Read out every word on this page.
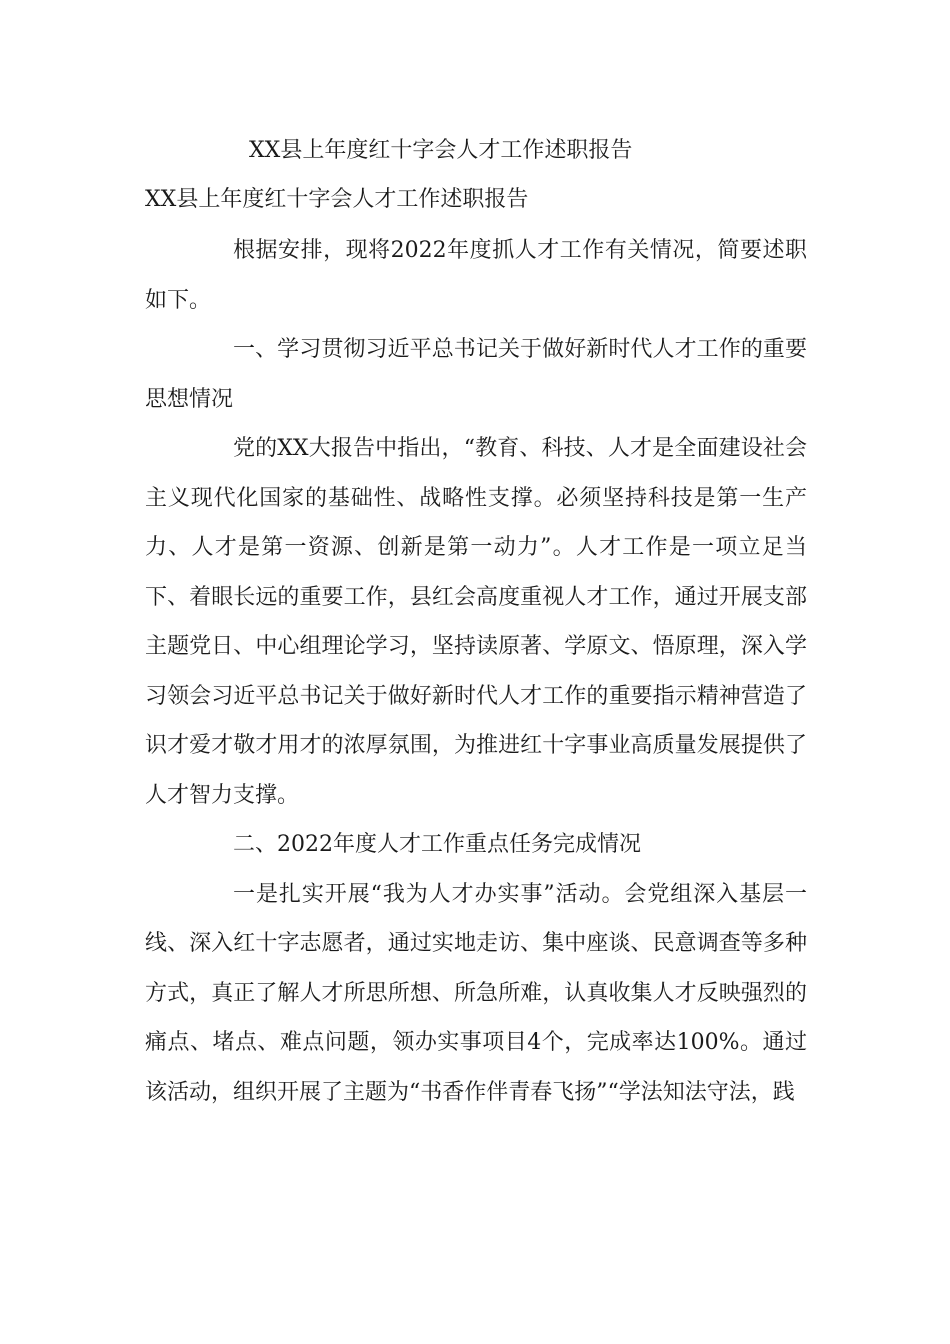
XX县上年度红十字会人才工作述职报告

XX县上年度红十字会人才工作述职报告

根据安排，现将2022年度抓人才工作有关情况，简要述职如下。

一、学习贯彻习近平总书记关于做好新时代人才工作的重要思想情况

党的XX大报告中指出，“教育、科技、人才是全面建设社会主义现代化国家的基础性、战略性支撑。必须坚持科技是第一生产力、人才是第一资源、创新是第一动力”。人才工作是一项立足当下、着眼长远的重要工作，县红会高度重视人才工作，通过开展支部主题党日、中心组理论学习，坚持读原著、学原文、悟原理，深入学习领会习近平总书记关于做好新时代人才工作的重要指示精神营造了识才爱才敬才用才的浓厚氛围，为推进红十字事业高质量发展提供了人才智力支撑。

二、2022年度人才工作重点任务完成情况

一是扎实开展“我为人才办实事”活动。会党组深入基层一线、深入红十字志愿者，通过实地走访、集中座谈、民意调查等多种方式，真正了解人才所思所想、所急所难，认真收集人才反映强烈的痛点、堵点、难点问题，领办实事项目4个，完成率达100%。通过该活动，组织开展了主题为“书香作伴青春飞扬”“学法知法守法，践
